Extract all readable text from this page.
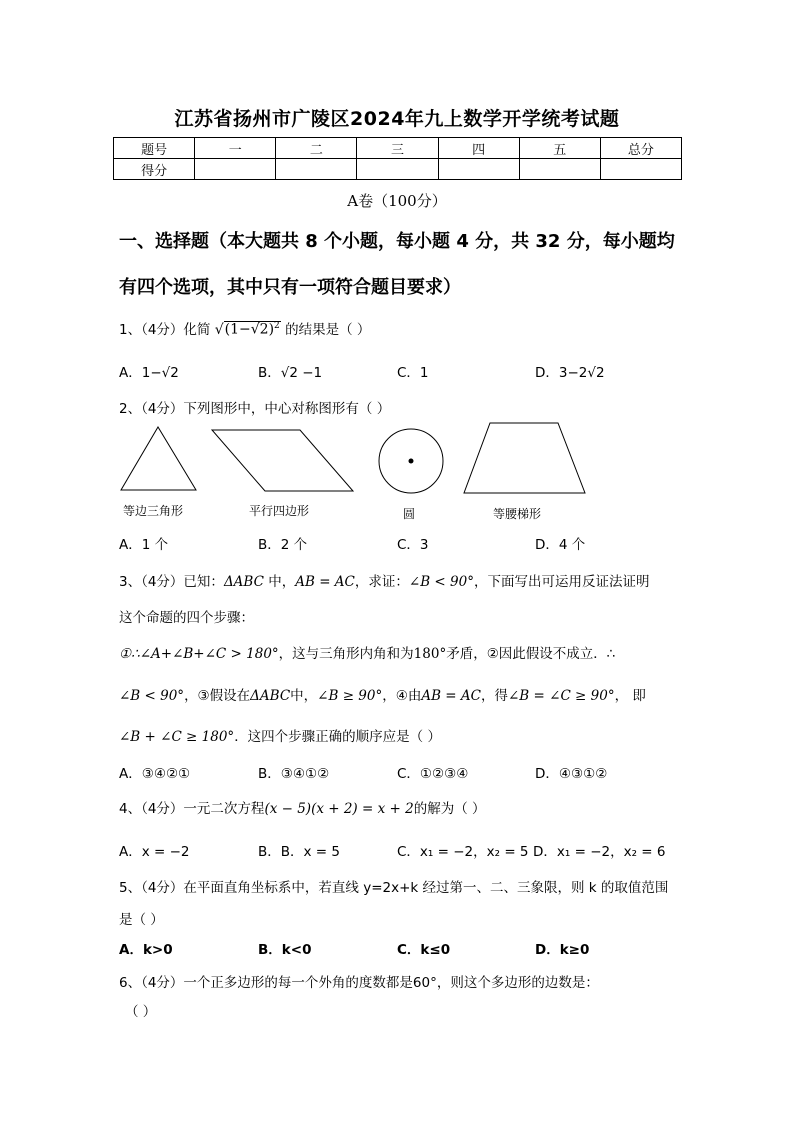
江苏省扬州市广陵区2024年九上数学开学统考试题
题号	一	二	三	四	五	总分
得分						
A卷（100分）
一、选择题（本大题共 8 个小题，每小题 4 分，共 32 分，每小题均
有四个选项，其中只有一项符合题目要求）
1、（4分）化简 $√(1-√2)^2$ 的结果是（ ）
A．1−√2	B．√2 −1	C．1	D．3−2√2
2、（4分）下列图形中，中心对称图形有（ ）
等边三角形	平行四边形	圆	等腰梯形
A．1 个	B．2 个	C．3	D．4 个
3、（4分）已知：ΔABC 中，AB = AC，求证：∠B < 90°，下面写出可运用反证法证明
这个命题的四个步骤：
①∴∠A+∠B+∠C > 180°，这与三角形内角和为180°矛盾，②因此假设不成立．∴
∠B < 90°，③假设在ΔABC中，∠B ≥ 90°，④由AB = AC，得∠B = ∠C ≥ 90°， 即
∠B + ∠C ≥ 180°．这四个步骤正确的顺序应是（ ）
A．③④②①	B．③④①②	C．①②③④	D．④③①②
4、（4分）一元二次方程(x − 5)(x + 2) = x + 2的解为（ ）
A．x = −2	B．B．x = 5	C．x₁ = −2，x₂ = 5 D．x₁ = −2，x₂ = 6
5、（4分）在平面直角坐标系中，若直线 y=2x+k 经过第一、二、三象限，则 k 的取值范围
是（ ）
A．k>0	B．k<0	C．k≤0	D．k≥0
6、（4分）一个正多边形的每一个外角的度数都是60°，则这个多边形的边数是：
（ ）
